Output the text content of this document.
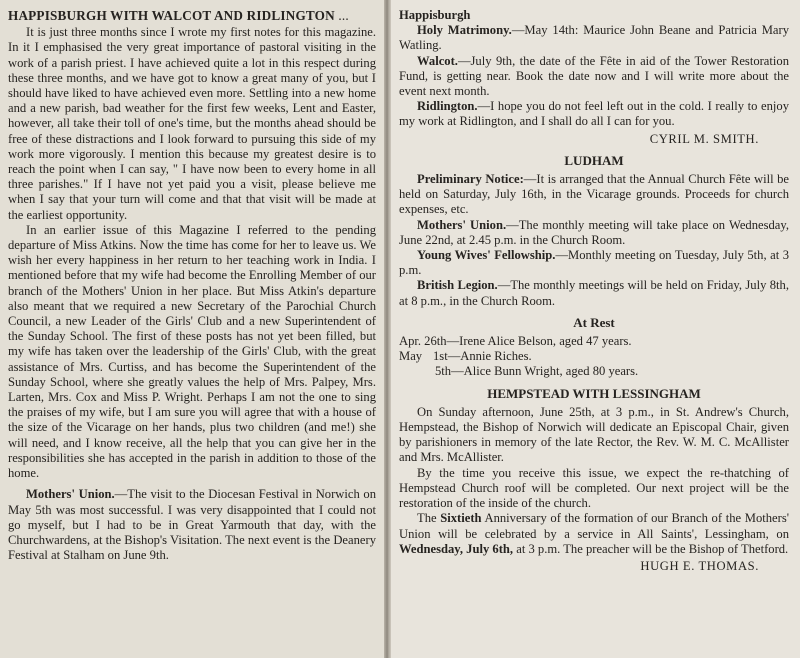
HAPPISBURGH WITH WALCOT AND RIDLINGTON ...

It is just three months since I wrote my first notes for this magazine. In it I emphasised the very great importance of pastoral visiting in the work of a parish priest. I have achieved quite a lot in this respect during these three months, and we have got to know a great many of you, but I should have liked to have achieved even more. Settling into a new home and a new parish, bad weather for the first few weeks, Lent and Easter, however, all take their toll of one's time, but the months ahead should be free of these distractions and I look forward to pursuing this side of my work more vigorously. I mention this because my greatest desire is to reach the point when I can say, " I have now been to every home in all three parishes." If I have not yet paid you a visit, please believe me when I say that your turn will come and that that visit will be made at the earliest opportunity.

In an earlier issue of this Magazine I referred to the pending departure of Miss Atkins. Now the time has come for her to leave us. We wish her every happiness in her return to her teaching work in India. I mentioned before that my wife had become the Enrolling Member of our branch of the Mothers' Union in her place. But Miss Atkin's departure also meant that we required a new Secretary of the Parochial Church Council, a new Leader of the Girls' Club and a new Superintendent of the Sunday School. The first of these posts has not yet been filled, but my wife has taken over the leadership of the Girls' Club, with the great assistance of Mrs. Curtiss, and has become the Superintendent of the Sunday School, where she greatly values the help of Mrs. Palpey, Mrs. Larten, Mrs. Cox and Miss P. Wright. Perhaps I am not the one to sing the praises of my wife, but I am sure you will agree that with a house of the size of the Vicarage on her hands, plus two children (and me!) she will need, and I know receive, all the help that you can give her in the responsibilities she has accepted in the parish in addition to those of the home.

Mothers' Union.—The visit to the Diocesan Festival in Norwich on May 5th was most successful. I was very disappointed that I could not go myself, but I had to be in Great Yarmouth that day, with the Churchwardens, at the Bishop's Visitation. The next event is the Deanery Festival at Stalham on June 9th.

Happisburgh

Holy Matrimony.—May 14th: Maurice John Beane and Patricia Mary Watling.

Walcot.—July 9th, the date of the Fête in aid of the Tower Restoration Fund, is getting near. Book the date now and I will write more about the event next month.

Ridlington.—I hope you do not feel left out in the cold. I really to enjoy my work at Ridlington, and I shall do all I can for you.

CYRIL M. SMITH.
LUDHAM

Preliminary Notice:—It is arranged that the Annual Church Fête will be held on Saturday, July 16th, in the Vicarage grounds. Proceeds for church expenses, etc.

Mothers' Union.—The monthly meeting will take place on Wednesday, June 22nd, at 2.45 p.m. in the Church Room.

Young Wives' Fellowship.—Monthly meeting on Tuesday, July 5th, at 3 p.m.

British Legion.—The monthly meetings will be held on Friday, July 8th, at 8 p.m., in the Church Room.

At Rest
Apr. 26th—Irene Alice Belson, aged 47 years.
May 1st—Annie Riches.
5th—Alice Bunn Wright, aged 80 years.
HEMPSTEAD WITH LESSINGHAM

On Sunday afternoon, June 25th, at 3 p.m., in St. Andrew's Church, Hempstead, the Bishop of Norwich will dedicate an Episcopal Chair, given by parishioners in memory of the late Rector, the Rev. W. M. C. McAllister and Mrs. McAllister.

By the time you receive this issue, we expect the re-thatching of Hempstead Church roof will be completed. Our next project will be the restoration of the inside of the church.

The Sixtieth Anniversary of the formation of our Branch of the Mothers' Union will be celebrated by a service in All Saints', Lessingham, on Wednesday, July 6th, at 3 p.m. The preacher will be the Bishop of Thetford.

HUGH E. THOMAS.
